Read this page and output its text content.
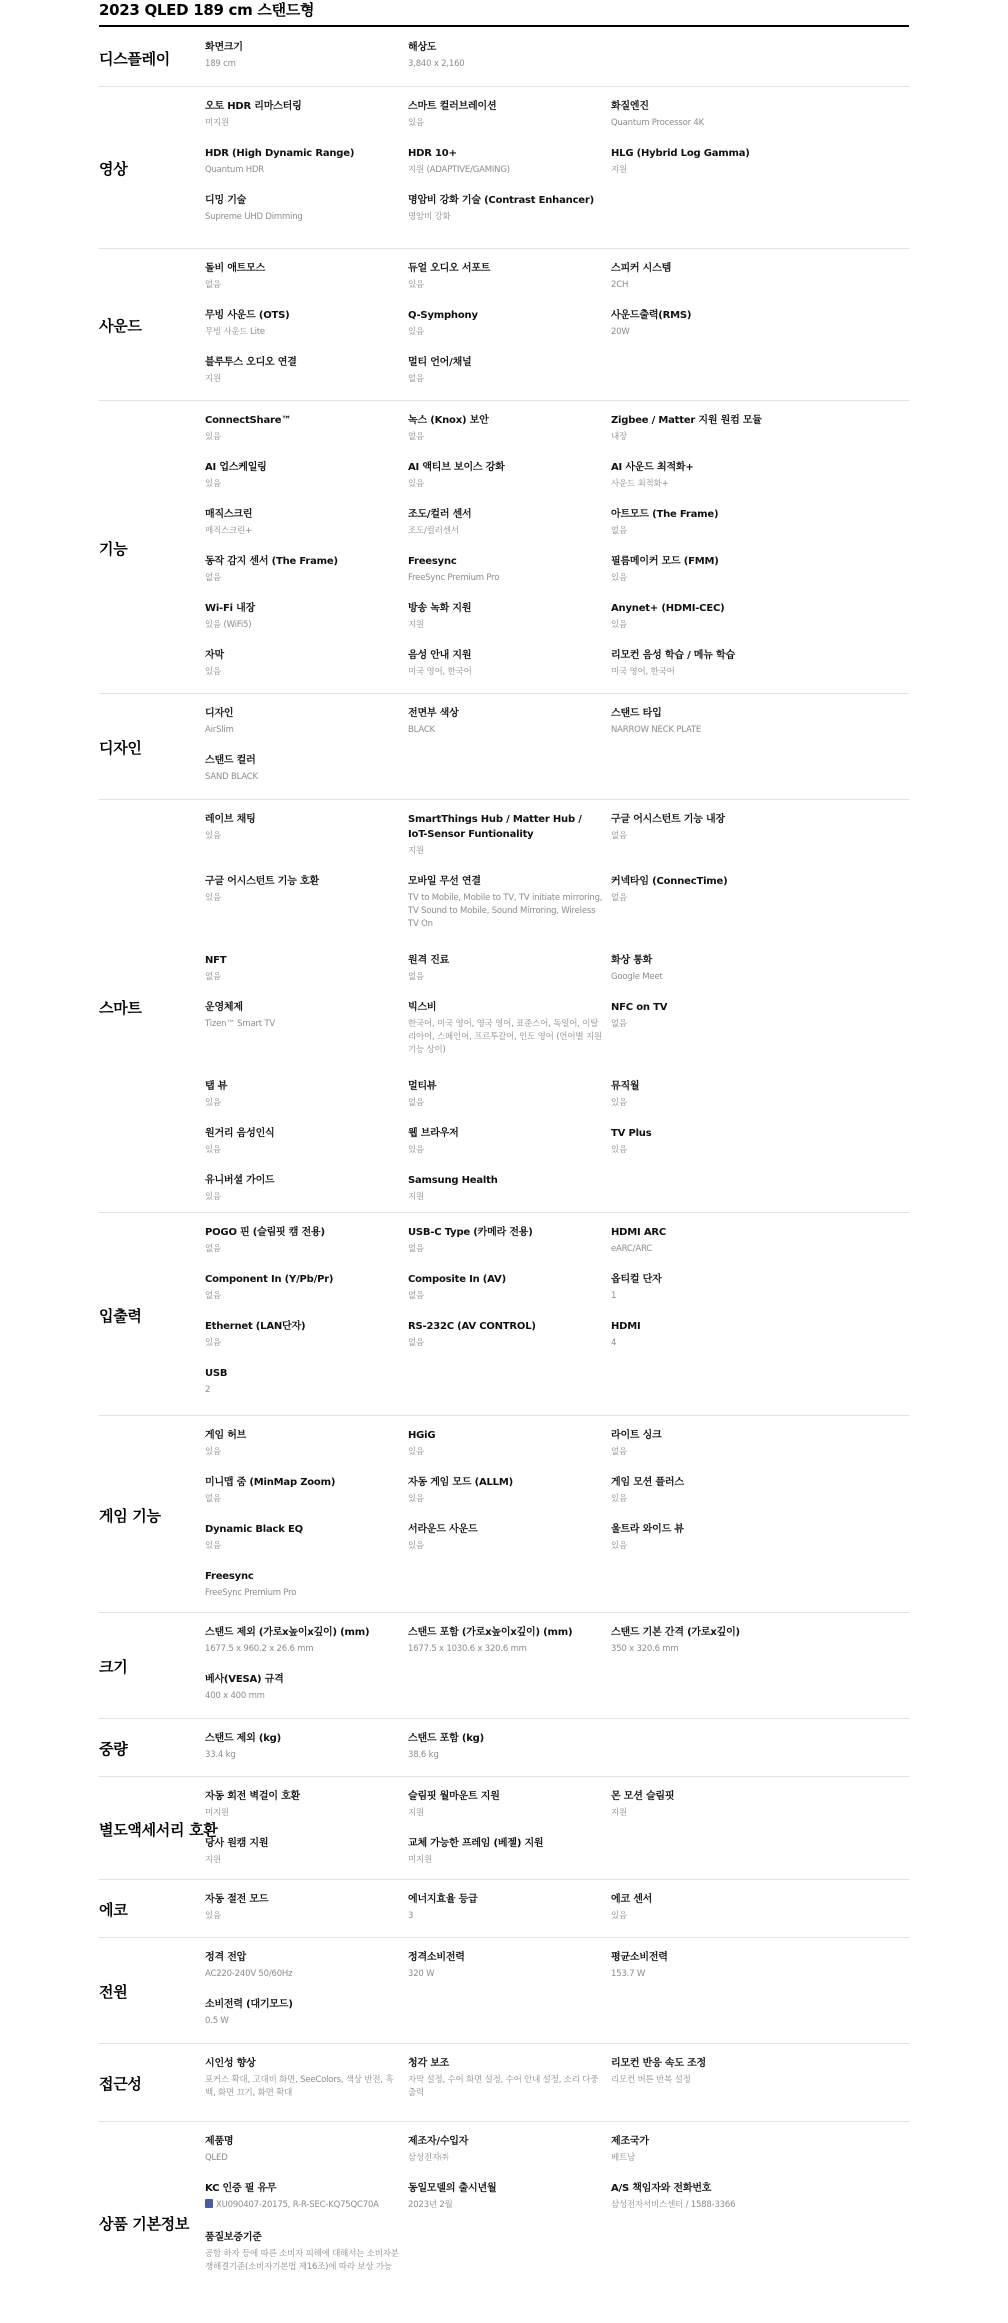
2023 QLED 189 cm 스탠드형
디스플레이
화면크기
189 cm
해상도
3,840 x 2,160
영상
오토 HDR 리마스터링
미지원
스마트 컬러브레이션
있음
화질엔진
Quantum Processor 4K
HDR (High Dynamic Range)
Quantum HDR
HDR 10+
지원 (ADAPTIVE/GAMING)
HLG (Hybrid Log Gamma)
지원
디밍 기술
Supreme UHD Dimming
명암비 강화 기술 (Contrast Enhancer)
명암비 강화
사운드
돌비 애트모스
없음
듀얼 오디오 서포트
있음
스피커 시스템
2CH
무빙 사운드 (OTS)
무빙 사운드 Lite
Q-Symphony
있음
사운드출력(RMS)
20W
블루투스 오디오 연결
지원
멀티 언어/채널
없음
기능
ConnectShare™
있음
녹스 (Knox) 보안
없음
Zigbee / Matter 지원 원컴 모듈
내장
AI 업스케일링
있음
AI 액티브 보이스 강화
있음
AI 사운드 최적화+
사운드 최적화+
매직스크린
매직스크린+
조도/컬러 센서
조도/컬러센서
아트모드 (The Frame)
없음
동작 감지 센서 (The Frame)
없음
Freesync
FreeSync Premium Pro
필름메이커 모드 (FMM)
있음
Wi-Fi 내장
있음 (WiFi5)
방송 녹화 지원
지원
Anynet+ (HDMI-CEC)
있음
자막
있음
음성 안내 지원
미국 영어, 한국어
리모컨 음성 학습 / 메뉴 학습
미국 영어, 한국어
디자인
디자인
AirSlim
전면부 색상
BLACK
스탠드 타입
NARROW NECK PLATE
스탠드 컬러
SAND BLACK
스마트
레이브 채팅
있음
SmartThings Hub / Matter Hub / IoT-Sensor Funtionality
지원
구글 어시스턴트 기능 내장
없음
구글 어시스턴트 기능 호환
있음
모바일 무선 연결
TV to Mobile, Mobile to TV, TV initiate mirroring, TV Sound to Mobile, Sound Mirroring, Wireless TV On
커넥타임 (ConnecTime)
없음
NFT
없음
원격 진료
없음
화상 통화
Google Meet
운영체제
Tizen™ Smart TV
빅스비
한국어, 미국 영어, 영국 영어, 표준스어, 독일어, 이탈리아어, 스페인어, 프르투갈어, 인도 영어 (언어별 지원 기능 상이)
NFC on TV
없음
탭 뷰
있음
멀티뷰
없음
뮤직월
있음
원거리 음성인식
있음
웹 브라우저
있음
TV Plus
있음
유니버셜 가이드
있음
Samsung Health
지원
입출력
POGO 핀 (슬림핏 캠 전용)
없음
USB-C Type (카메라 전용)
없음
HDMI ARC
eARC/ARC
Component In (Y/Pb/Pr)
없음
Composite In (AV)
없음
옵티컬 단자
1
Ethernet (LAN단자)
있음
RS-232C (AV CONTROL)
없음
HDMI
4
USB
2
게임 기능
게임 허브
있음
HGiG
있음
라이트 싱크
없음
미니맵 줌 (MinMap Zoom)
없음
자동 게임 모드 (ALLM)
있음
게임 모션 플러스
있음
Dynamic Black EQ
있음
서라운드 사운드
있음
울트라 와이드 뷰
있음
Freesync
FreeSync Premium Pro
크기
스탠드 제외 (가로x높이x깊이) (mm)
1677.5 x 960.2 x 26.6 mm
스탠드 포함 (가로x높이x깊이) (mm)
1677.5 x 1030.6 x 320.6 mm
스탠드 기본 간격 (가로x깊이)
350 x 320.6 mm
베사(VESA) 규격
400 x 400 mm
중량
스탠드 제외 (kg)
33.4 kg
스탠드 포함 (kg)
38.6 kg
별도액세서리 호환
자동 회전 벽걸이 호환
미지원
슬림핏 월마운트 지원
지원
몬 모션 슬림핏
지원
당사 원캠 지원
지원
교체 가능한 프레임 (베젤) 지원
미지원
에코
자동 절전 모드
있음
에너지효율 등급
3
에코 센서
있음
전원
정격 전압
AC220-240V 50/60Hz
정격소비전력
320 W
평균소비전력
153.7 W
소비전력 (대기모드)
0.5 W
접근성
시인성 향상
포커스 확대, 고대비 화면, SeeColors, 색상 반전, 흑백, 화면 끄기, 화면 확대
청각 보조
자막 설정, 수어 화면 설정, 수어 안내 설정, 소리 다중출력
리모컨 반응 속도 조정
리모컨 버튼 반복 설정
상품 기본정보
제품명
QLED
제조자/수입자
삼성전자㈜
제조국가
베트남
KC 인증 필 유무
XU090407-20175, R-R-SEC-KQ75QC70A
동일모델의 출시년월
2023년 2월
A/S 책임자와 전화번호
삼성전자서비스센터 / 1588-3366
품질보증기준
공함 하자 등에 따른 소비자 피해에 대해서는 소비자분쟁해결기준(소비자기본법 제16조)에 따라 보상 가능
